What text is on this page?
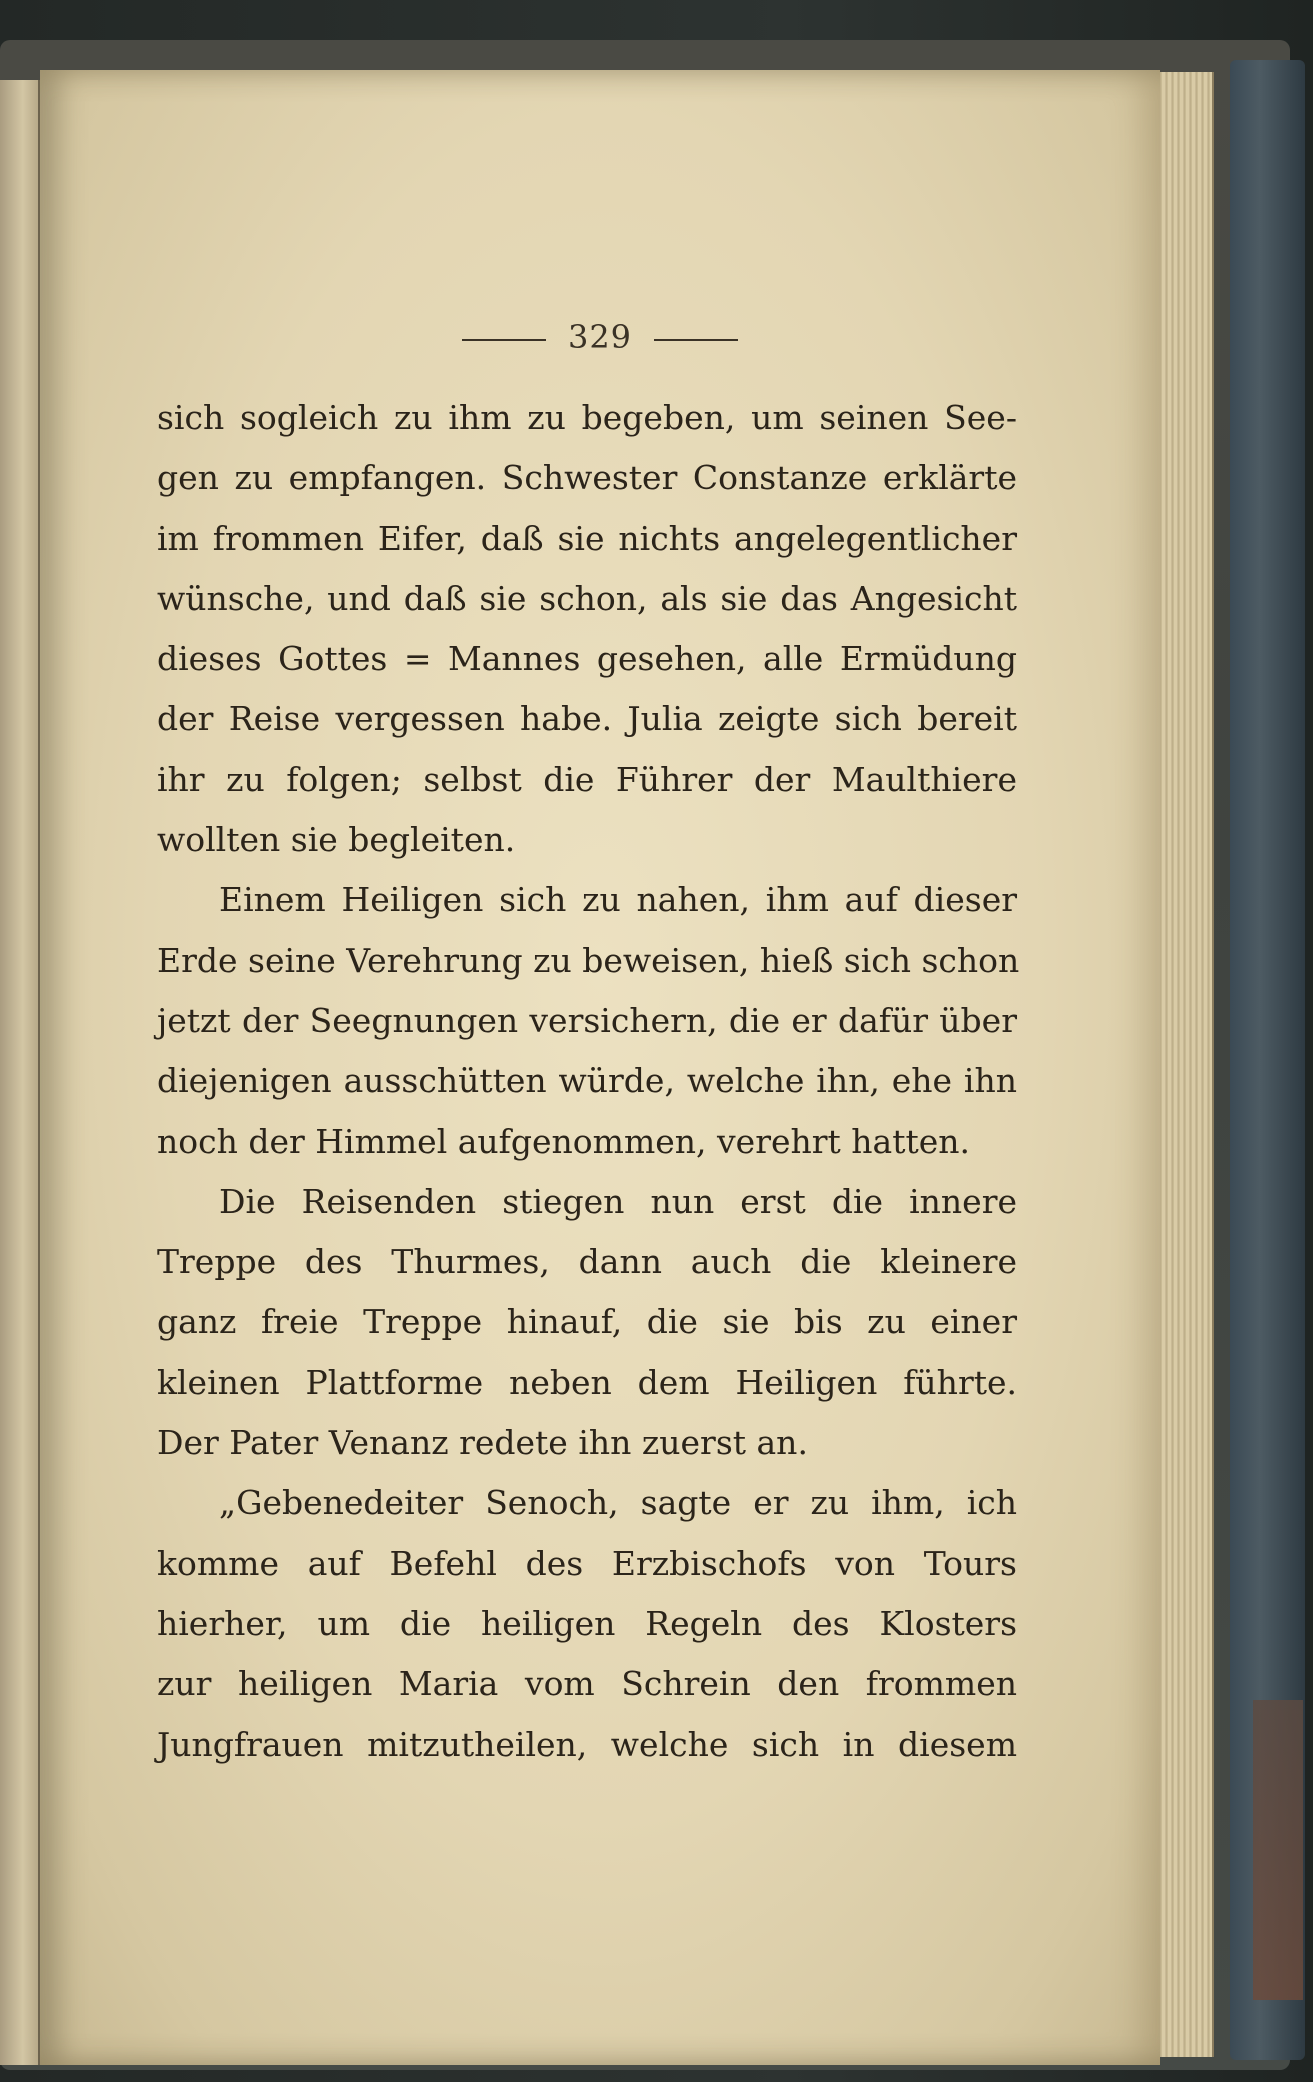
329
sich sogleich zu ihm zu begeben, um seinen See-
gen zu empfangen. Schwester Constanze erklärte
im frommen Eifer, daß sie nichts angelegentlicher
wünsche, und daß sie schon, als sie das Angesicht
dieses Gottes = Mannes gesehen, alle Ermüdung
der Reise vergessen habe. Julia zeigte sich bereit
ihr zu folgen; selbst die Führer der Maulthiere
wollten sie begleiten.
Einem Heiligen sich zu nahen, ihm auf dieser
Erde seine Verehrung zu beweisen, hieß sich schon
jetzt der Seegnungen versichern, die er dafür über
diejenigen ausschütten würde, welche ihn, ehe ihn
noch der Himmel aufgenommen, verehrt hatten.
Die Reisenden stiegen nun erst die innere
Treppe des Thurmes, dann auch die kleinere
ganz freie Treppe hinauf, die sie bis zu einer
kleinen Plattforme neben dem Heiligen führte.
Der Pater Venanz redete ihn zuerst an.
„Gebenedeiter Senoch, sagte er zu ihm, ich
komme auf Befehl des Erzbischofs von Tours
hierher, um die heiligen Regeln des Klosters
zur heiligen Maria vom Schrein den frommen
Jungfrauen mitzutheilen, welche sich in diesem
